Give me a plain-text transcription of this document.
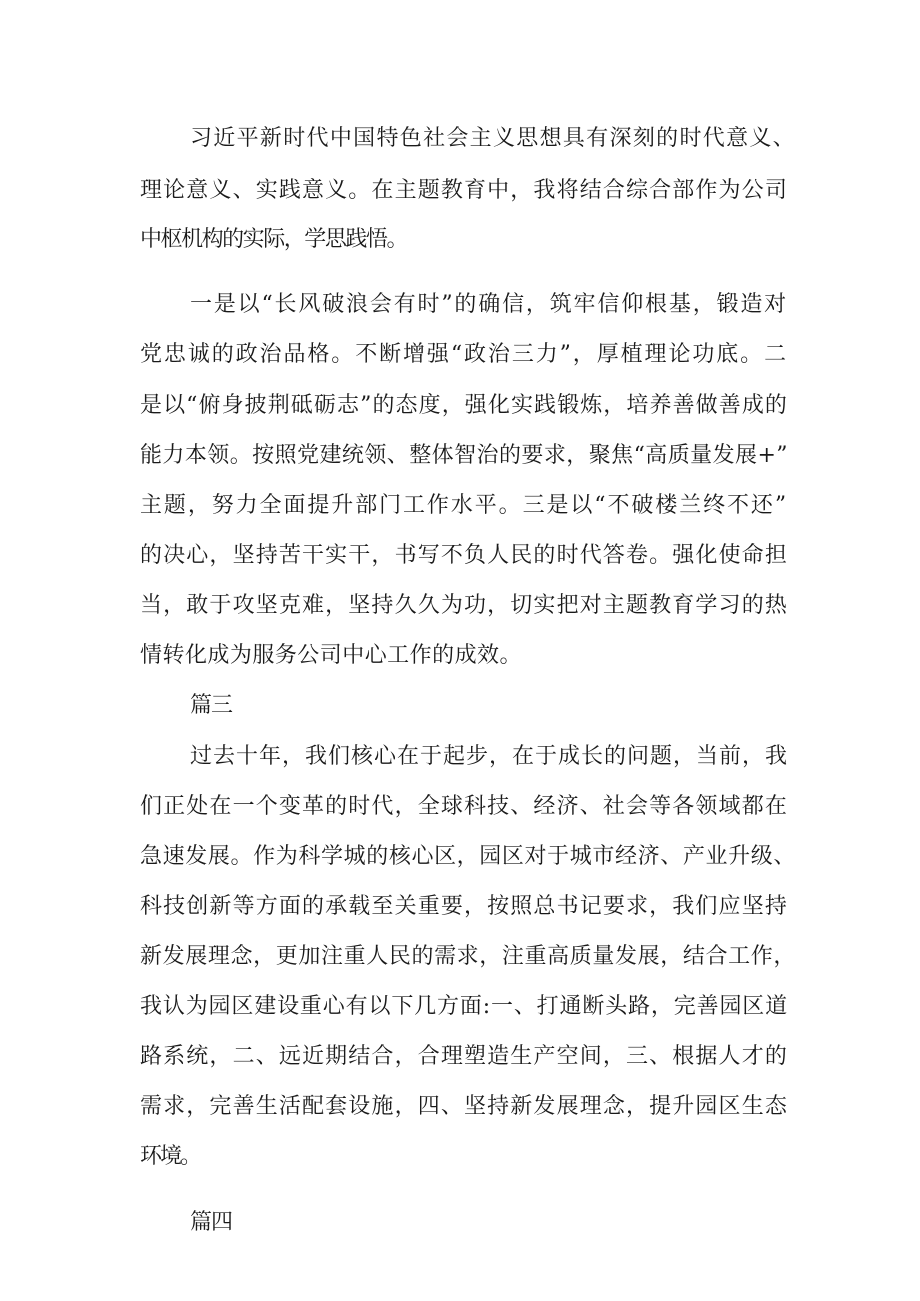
习近平新时代中国特色社会主义思想具有深刻的时代意义、

理论意义、实践意义。在主题教育中，我将结合综合部作为公司

中枢机构的实际，学思践悟。

一是以“长风破浪会有时”的确信，筑牢信仰根基，锻造对

党忠诚的政治品格。不断增强“政治三力”，厚植理论功底。二

是以“俯身披荆砥砺志”的态度，强化实践锻炼，培养善做善成的

能力本领。按照党建统领、整体智治的要求，聚焦“高质量发展+”

主题，努力全面提升部门工作水平。三是以“不破楼兰终不还”

的决心，坚持苦干实干，书写不负人民的时代答卷。强化使命担

当，敢于攻坚克难，坚持久久为功，切实把对主题教育学习的热

情转化成为服务公司中心工作的成效。

篇三

过去十年，我们核心在于起步，在于成长的问题，当前，我

们正处在一个变革的时代，全球科技、经济、社会等各领域都在

急速发展。作为科学城的核心区，园区对于城市经济、产业升级、

科技创新等方面的承载至关重要，按照总书记要求，我们应坚持

新发展理念，更加注重人民的需求，注重高质量发展，结合工作，

我认为园区建设重心有以下几方面:一、打通断头路，完善园区道

路系统，二、远近期结合，合理塑造生产空间，三、根据人才的

需求，完善生活配套设施，四、坚持新发展理念，提升园区生态

环境。

篇四
